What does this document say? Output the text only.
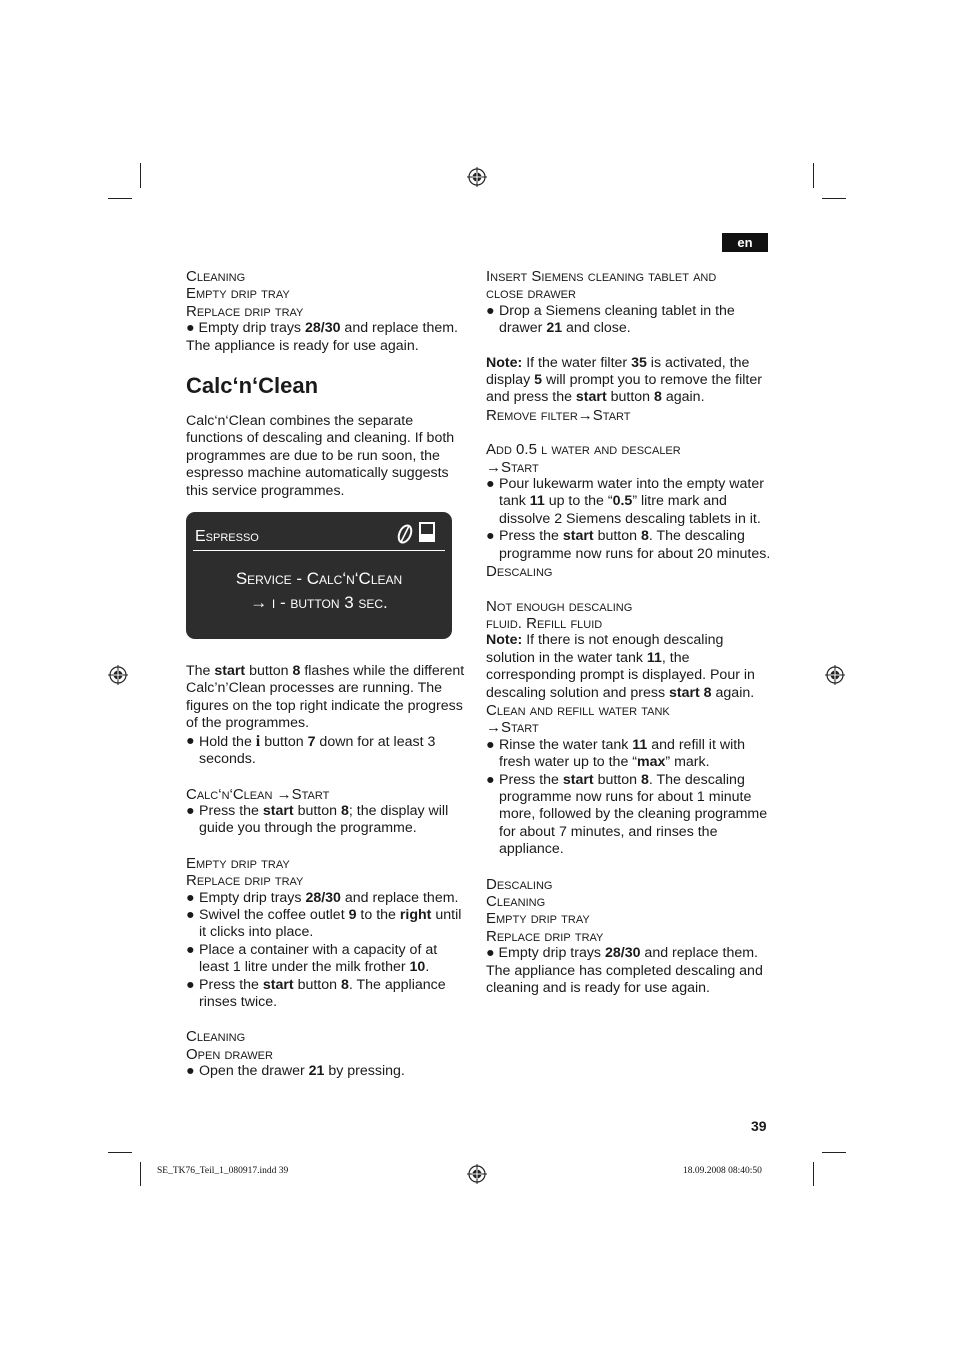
en
Cleaning
Empty drip tray
Replace drip tray

● Empty drip trays 28/30 and replace them.

The appliance is ready for use again.

Calc‘n‘Clean

Calc‘n‘Clean combines the separate functions of descaling and cleaning. If both programmes are due to be run soon, the espresso machine automatically suggests this service programmes.

Espresso
Service - Calc‘n‘Clean
→ i - button 3 sec.

The start button 8 flashes while the different Calc’n’Clean processes are running. The figures on the top right indicate the progress of the programmes.

● Hold the i button 7 down for at least 3 seconds.

Calc‘n‘Clean →Start

● Press the start button 8; the display will guide you through the programme.

Empty drip tray
Replace drip tray

● Empty drip trays 28/30 and replace them.

● Swivel the coffee outlet 9 to the right until it clicks into place.

● Place a container with a capacity of at least 1 litre under the milk frother 10.

● Press the start button 8. The appliance rinses twice.

Cleaning
Open drawer

● Open the drawer 21 by pressing.

Insert Siemens cleaning tablet and
close drawer

● Drop a Siemens cleaning tablet in the drawer 21 and close.

Note: If the water filter 35 is activated, the display 5 will prompt you to remove the filter and press the start button 8 again.

Remove filter→Start
Add 0.5 l water and descaler
→Start

● Pour lukewarm water into the empty water tank 11 up to the “0.5” litre mark and dissolve 2 Siemens descaling tablets in it.

● Press the start button 8. The descaling programme now runs for about 20 minutes.

Descaling
Not enough descaling
fluid. Refill fluid

Note: If there is not enough descaling solution in the water tank 11, the corresponding prompt is displayed. Pour in descaling solution and press start 8 again.

Clean and refill water tank
→Start

● Rinse the water tank 11 and refill it with fresh water up to the “max” mark.

● Press the start button 8. The descaling programme now runs for about 1 minute more, followed by the cleaning programme for about 7 minutes, and rinses the appliance.

Descaling
Cleaning
Empty drip tray
Replace drip tray

● Empty drip trays 28/30 and replace them.

The appliance has completed descaling and cleaning and is ready for use again.

39
SE_TK76_Teil_1_080917.indd 39	18.09.2008 08:40:50
